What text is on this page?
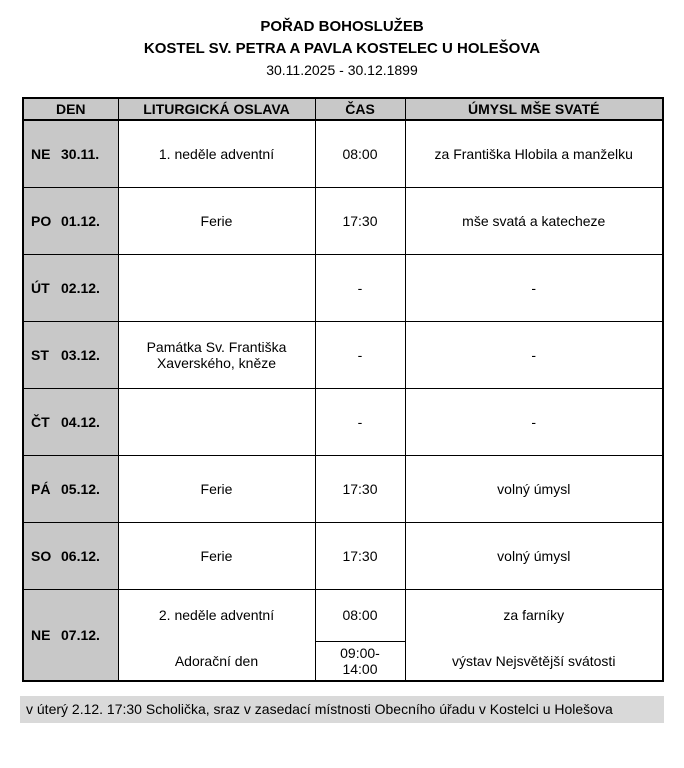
POŘAD BOHOSLUŽEB
KOSTEL SV. PETRA A PAVLA KOSTELEC U HOLEŠOVA
30.11.2025 - 30.12.1899
DEN	LITURGICKÁ OSLAVA	ČAS	ÚMYSL MŠE SVATÉ
NE 30.11.	1. neděle adventní	08:00	za Františka Hlobila a manželku
PO 01.12.	Ferie	17:30	mše svatá a katecheze
ÚT 02.12.		-	-
ST 03.12.	Památka Sv. Františka Xaverského, kněze	-	-
ČT 04.12.		-	-
PÁ 05.12.	Ferie	17:30	volný úmysl
SO 06.12.	Ferie	17:30	volný úmysl
NE 07.12.	2. neděle adventní	08:00	za farníky
	Adorační den	09:00-14:00	výstav Nejsvětější svátosti
v úterý 2.12. 17:30 Scholička, sraz v zasedací místnosti Obecního úřadu v Kostelci u Holešova
